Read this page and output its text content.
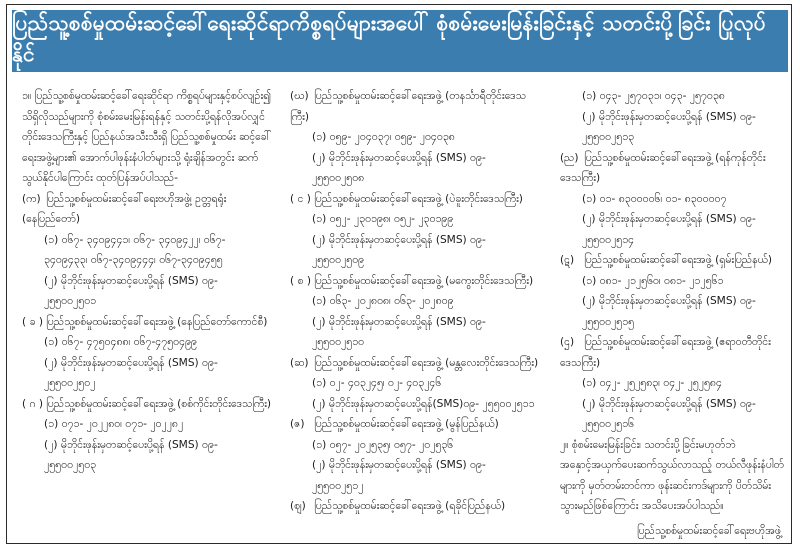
ပြည်သူ့စစ်မှုထမ်းဆင့်ခေါ်ရေးဆိုင်ရာကိစ္စရပ်များအပေါ် စုံစမ်းမေးမြန်းခြင်းနှင့် သတင်းပို့ခြင်း ပြုလုပ်နိုင်
၁။ ပြည်သူ့စစ်မှုထမ်းဆင့်ခေါ်ရေးဆိုင်ရာ ကိစ္စရပ်များနှင့်စပ်လျဉ်း၍ သိရှိလိုသည်များကို စုံစမ်းမေးမြန်းရန်နှင့် သတင်းပို့ရန်လိုအပ်လျှင် တိုင်းဒေသကြီးနှင့် ပြည်နယ်အသီးသီးရှိ ပြည်သူ့စစ်မှုထမ်း ဆင့်ခေါ်ရေးအဖွဲ့များ၏ အောက်ပါဖုန်းနံပါတ်များသို့ ရုံးချိန်အတွင်း ဆက်သွယ်နိုင်ပါကြောင်း ထုတ်ပြန်အပ်ပါသည်-
(က) ပြည်သူ့စစ်မှုထမ်းဆင့်ခေါ်ရေးဗဟိုအဖွဲ့၊ ဥတ္တရရုံး (နေပြည်တော်)
(၁) ၀၆၇- ၃၄၀၉၄၄၁၊ ၀၆၇- ၃၄၀၉၄၂၂၊ ၀၆၇- ၃၄၀၉၄၃၃၊ ၀၆၇-၃၄၀၉၄၄၄၊ ၀၆၇-၃၄၀၉၄၅၅
(၂) မိုဘိုင်းဖုန်းမှတဆင့်ပေးပို့ရန် (SMS) ၀၉- ၂၅၅၀၀၂၅၀၁
( ခ ) ပြည်သူ့စစ်မှုထမ်းဆင့်ခေါ်ရေးအဖွဲ့ (နေပြည်တော်ကောင်စီ)
(၁) ၀၆၇- ၄၇၅၀၄၈၈၊ ၀၆၇-၄၇၅၀၄၉၉
(၂) မိုဘိုင်းဖုန်းမှတဆင့်ပေးပို့ရန် (SMS) ၀၉- ၂၅၅၀၀၂၅၀၂
( ဂ ) ပြည်သူ့စစ်မှုထမ်းဆင့်ခေါ်ရေးအဖွဲ့ (စစ်ကိုင်းတိုင်းဒေသကြီး)
(၁) ၀၇၁- ၂၀၂၂၈၀၊ ၀၇၁- ၂၀၂၂၈၂
(၂) မိုဘိုင်းဖုန်းမှတဆင့်ပေးပို့ရန် (SMS) ၀၉- ၂၅၅၀၀၂၅၀၃
(ဃ) ပြည်သူ့စစ်မှုထမ်းဆင့်ခေါ်ရေးအဖွဲ့ (တနင်္သာရီတိုင်းဒေသကြီး)
(၁) ၀၅၉- ၂၀၄၀၃၇၊ ၀၅၉- ၂၀၄၀၃၈
(၂) မိုဘိုင်းဖုန်းမှတဆင့်ပေးပို့ရန် (SMS) ၀၉- ၂၅၅၀၀၂၅၀၈
( င ) ပြည်သူ့စစ်မှုထမ်းဆင့်ခေါ်ရေးအဖွဲ့ (ပဲခူးတိုင်းဒေသကြီး)
(၁) ၀၅၂- ၂၃၀၁၉၈၊ ၀၅၂- ၂၃၀၁၉၉
(၂) မိုဘိုင်းဖုန်းမှတဆင့်ပေးပို့ရန် (SMS) ၀၉- ၂၅၅၀၀၂၅၀၉
( စ ) ပြည်သူ့စစ်မှုထမ်းဆင့်ခေါ်ရေးအဖွဲ့ (မကွေးတိုင်းဒေသကြီး)
(၁) ၀၆၃- ၂၀၂၈၀၈၊ ၀၆၃- ၂၀၂၈၀၉
(၂) မိုဘိုင်းဖုန်းမှတဆင့်ပေးပို့ရန် (SMS) ၀၉- ၂၅၅၀၀၂၅၁၀
(ဆ) ပြည်သူ့စစ်မှုထမ်းဆင့်ခေါ်ရေးအဖွဲ့ (မန္တလေးတိုင်းဒေသကြီး)
(၁) ၀၂- ၄၀၃၂၄၅၊ ၀၂- ၄၀၃၂၄၆
(၂) မိုဘိုင်းဖုန်းမှတဆင့်ပေးပို့ရန်(SMS)၀၉- ၂၅၅၀၀၂၅၁၁
(ဇ) ပြည်သူ့စစ်မှုထမ်းဆင့်ခေါ်ရေးအဖွဲ့ (မွန်ပြည်နယ်)
(၁) ၀၅၇- ၂၀၂၅၃၅၊ ၀၅၇- ၂၀၂၅၃၆
(၂) မိုဘိုင်းဖုန်းမှတဆင့်ပေးပို့ရန် (SMS) ၀၉- ၂၅၅၀၀၂၅၁၂
(ဈ) ပြည်သူ့စစ်မှုထမ်းဆင့်ခေါ်ရေးအဖွဲ့ (ရခိုင်ပြည်နယ်)
(၁) ၀၄၃- ၂၅၇၀၃၁၊ ၀၄၃- ၂၅၇၀၃၈
(၂) မိုဘိုင်းဖုန်းမှတဆင့်ပေးပို့ရန် (SMS) ၀၉- ၂၅၅၀၀၂၅၁၃
(ည) ပြည်သူ့စစ်မှုထမ်းဆင့်ခေါ်ရေးအဖွဲ့ (ရန်ကုန်တိုင်းဒေသကြီး)
(၁) ၀၁- ၈၃၀၀၀၀၆၊ ၀၁- ၈၃၀၀၀၀၇
(၂) မိုဘိုင်းဖုန်းမှတဆင့်ပေးပို့ရန် (SMS) ၀၉- ၂၅၅၀၀၂၅၁၄
(ဋ) ပြည်သူ့စစ်မှုထမ်းဆင့်ခေါ်ရေးအဖွဲ့ (ရှမ်းပြည်နယ်)
(၁) ၀၈၁- ၂၁၂၅၆၀၊ ၀၈၁- ၂၁၂၅၆၁
(၂) မိုဘိုင်းဖုန်းမှတဆင့်ပေးပို့ရန် (SMS) ၀၉- ၂၅၅၀၀၂၅၁၅
(ဌ) ပြည်သူ့စစ်မှုထမ်းဆင့်ခေါ်ရေးအဖွဲ့ (ဧရာဝတီတိုင်းဒေသကြီး)
(၁) ၀၄၂- ၂၅၂၅၈၃၊ ၀၄၂- ၂၅၂၅၈၄
(၂) မိုဘိုင်းဖုန်းမှတဆင့်ပေးပို့ရန် (SMS) ၀၉- ၂၅၅၀၀၂၅၁၆
၂။ စုံစမ်းမေးမြန်းခြင်း၊ သတင်းပို့ခြင်းမဟုတ်ဘဲ အနှောင့်အယှက်ပေးဆက်သွယ်လာသည့် တယ်လီဖုန်းနံပါတ်များကို မှတ်တမ်းတင်ကာ ဖုန်းဆင်းကဒ်များကို ပိတ်သိမ်းသွားမည်ဖြစ်ကြောင်း အသိပေးအပ်ပါသည်။
ပြည်သူ့စစ်မှုထမ်းဆင့်ခေါ်ရေးဗဟိုအဖွဲ့
